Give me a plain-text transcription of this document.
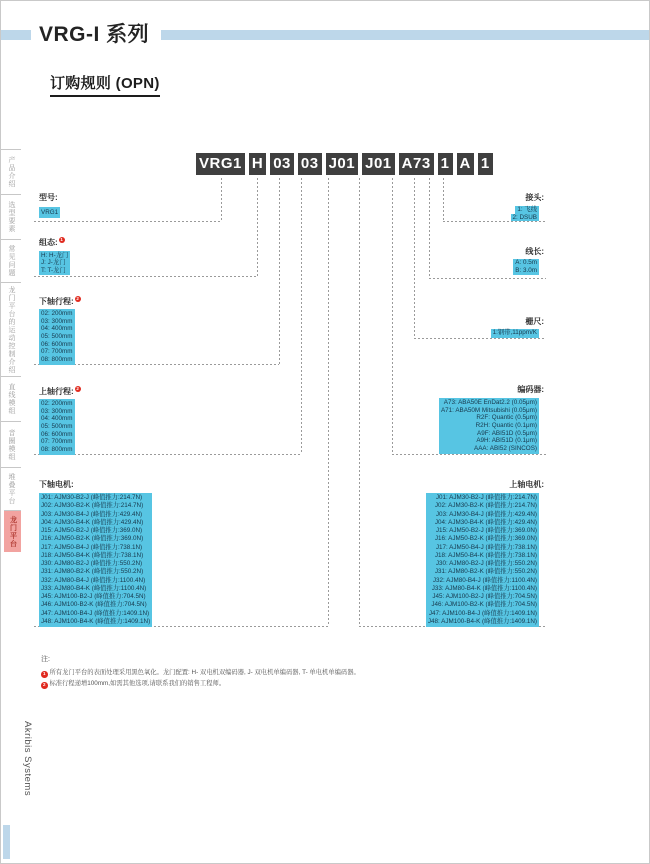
VRG-I 系列
订购规则 (OPN)
VRG1 H 03 03 J01 J01 A73 1 A 1
型号:
VRG1
组态: 1
H: H-龙门
J: J-龙门
T: T-龙门
下轴行程: 2
02: 200mm
03: 300mm
04: 400mm
05: 500mm
06: 600mm
07: 700mm
08: 800mm
上轴行程: 2
02: 200mm
03: 300mm
04: 400mm
05: 500mm
06: 600mm
07: 700mm
08: 800mm
下轴电机:
J01: AJM30-B2-J (峰值推力:214.7N)
J02: AJM30-B2-K (峰值推力:214.7N)
J03: AJM30-B4-J (峰值推力:429.4N)
J04: AJM30-B4-K (峰值推力:429.4N)
J15: AJM50-B2-J (峰值推力:369.0N)
J16: AJM50-B2-K (峰值推力:369.0N)
J17: AJM50-B4-J (峰值推力:738.1N)
J18: AJM50-B4-K (峰值推力:738.1N)
J30: AJM80-B2-J (峰值推力:550.2N)
J31: AJM80-B2-K (峰值推力:550.2N)
J32: AJM80-B4-J (峰值推力:1100.4N)
J33: AJM80-B4-K (峰值推力:1100.4N)
J45: AJM100-B2-J (峰值推力:704.5N)
J46: AJM100-B2-K (峰值推力:704.5N)
J47: AJM100-B4-J (峰值推力:1409.1N)
J48: AJM100-B4-K (峰值推力:1409.1N)
上轴电机:
J01: AJM30-B2-J (峰值推力:214.7N)
J02: AJM30-B2-K (峰值推力:214.7N)
J03: AJM30-B4-J (峰值推力:429.4N)
J04: AJM30-B4-K (峰值推力:429.4N)
J15: AJM50-B2-J (峰值推力:369.0N)
J16: AJM50-B2-K (峰值推力:369.0N)
J17: AJM50-B4-J (峰值推力:738.1N)
J18: AJM50-B4-K (峰值推力:738.1N)
J30: AJM80-B2-J (峰值推力:550.2N)
J31: AJM80-B2-K (峰值推力:550.2N)
J32: AJM80-B4-J (峰值推力:1100.4N)
J33: AJM80-B4-K (峰值推力:1100.4N)
J45: AJM100-B2-J (峰值推力:704.5N)
J46: AJM100-B2-K (峰值推力:704.5N)
J47: AJM100-B4-J (峰值推力:1409.1N)
J48: AJM100-B4-K (峰值推力:1409.1N)
编码器:
A73: ABA50E EnDat2.2 (0.05μm)
A71: ABA50M Mitsubishi (0.05μm)
R2F: Quantic (0.5μm)
R2H: Quantic (0.1μm)
A9F: ABI51D (0.5μm)
A9H: ABI51D (0.1μm)
AAA: ABI52 (SINCOS)
栅尺:
1:钢带,11ppm/K
线长:
A: 0.5m
B: 3.0m
接头:
1: 飞线
2: DSUB
产品介绍
选型要素
常见问题
龙门平台的运动控制介绍
直线模组
音圈模组
堆叠平台
龙门平台
注:
1 所有龙门平台的表面处理采用黑色氧化。龙门配置: H- 双电机双编码器, J- 双电机单编码器, T- 单电机单编码器。
2 标准行程递增100mm,如需其他选项,请联系我们的销售工程师。
Akribis Systems
